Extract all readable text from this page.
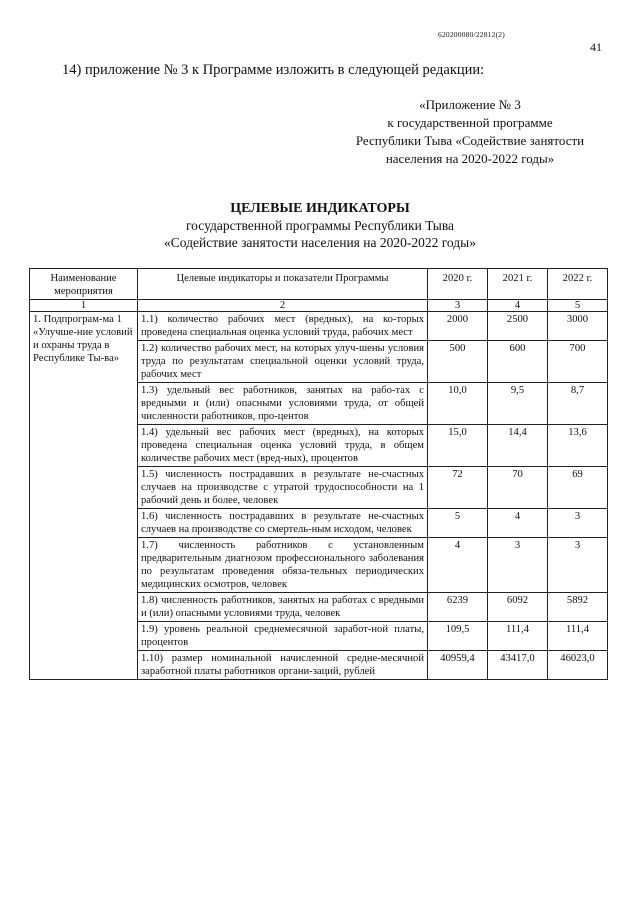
620200080/22812(2)
41
14) приложение № 3 к Программе изложить в следующей редакции:
«Приложение № 3
к государственной программе
Республики Тыва «Содействие занятости
населения на 2020-2022 годы»
ЦЕЛЕВЫЕ ИНДИКАТОРЫ
государственной программы Республики Тыва
«Содействие занятости населения на 2020-2022 годы»
Наименование мероприятия	Целевые индикаторы и показатели Программы	2020 г.	2021 г.	2022 г.
1	2	3	4	5
1. Подпрограм-ма 1 «Улучше-ние условий и охраны труда в Республике Ты-ва»	1.1) количество рабочих мест (вредных), на ко-торых проведена специальная оценка условий труда, рабочих мест	2000	2500	3000
	1.2) количество рабочих мест, на которых улуч-шены условия труда по результатам специальной оценки условий труда, рабочих мест	500	600	700
	1.3) удельный вес работников, занятых на рабо-тах с вредными и (или) опасными условиями труда, от общей численности работников, про-центов	10,0	9,5	8,7
	1.4) удельный вес рабочих мест (вредных), на которых проведена специальная оценка условий труда, в общем количестве рабочих мест (вред-ных), процентов	15,0	14,4	13,6
	1.5) численность пострадавших в результате не-счастных случаев на производстве с утратой трудоспособности на 1 рабочий день и более, человек	72	70	69
	1.6) численность пострадавших в результате не-счастных случаев на производстве со смертель-ным исходом, человек	5	4	3
	1.7) численность работников с установленным предварительным диагнозом профессионального заболевания по результатам проведения обяза-тельных периодических медицинских осмотров, человек	4	3	3
	1.8) численность работников, занятых на работах с вредными и (или) опасными условиями труда, человек	6239	6092	5892
	1.9) уровень реальной среднемесячной заработ-ной платы, процентов	109,5	111,4	111,4
	1.10) размер номинальной начисленной средне-месячной заработной платы работников органи-заций, рублей	40959,4	43417,0	46023,0
